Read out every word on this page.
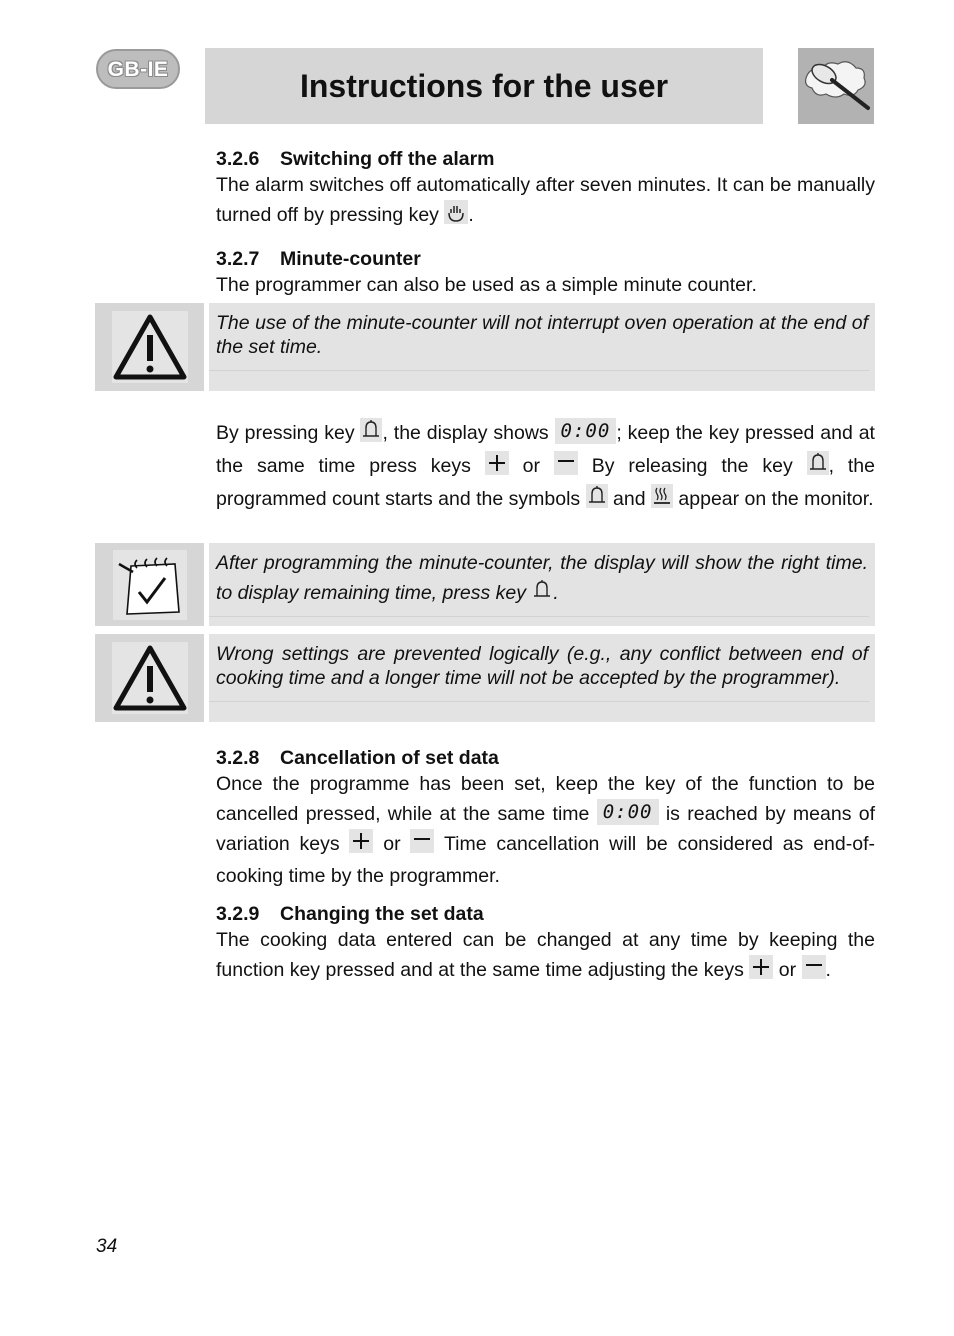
GB-IE	Instructions for the user
3.2.6 Switching off the alarm

The alarm switches off automatically after seven minutes. It can be manually turned off by pressing key .

3.2.7 Minute-counter

The programmer can also be used as a simple minute counter.

The use of the minute-counter will not interrupt oven operation at the end of the set time.

By pressing key , the display shows 0:00 ; keep the key pressed and at the same time press keys	or	By releasing the key , the programmed count starts and the symbols and appear on the monitor.

After programming the minute-counter, the display will show the right time. to display remaining time, press key .
Wrong settings are prevented logically (e.g., any conflict between end of cooking time and a longer time will not be accepted by the programmer).
3.2.8 Cancellation of set data

Once the programme has been set, keep the key of the function to be cancelled pressed, while at the same time 0:00 is reached by means of variation keys or Time cancellation will be considered as end-of-cooking time by the programmer.

3.2.9 Changing the set data

The cooking data entered can be changed at any time by keeping the function key pressed and at the same time adjusting the keys or .

34
